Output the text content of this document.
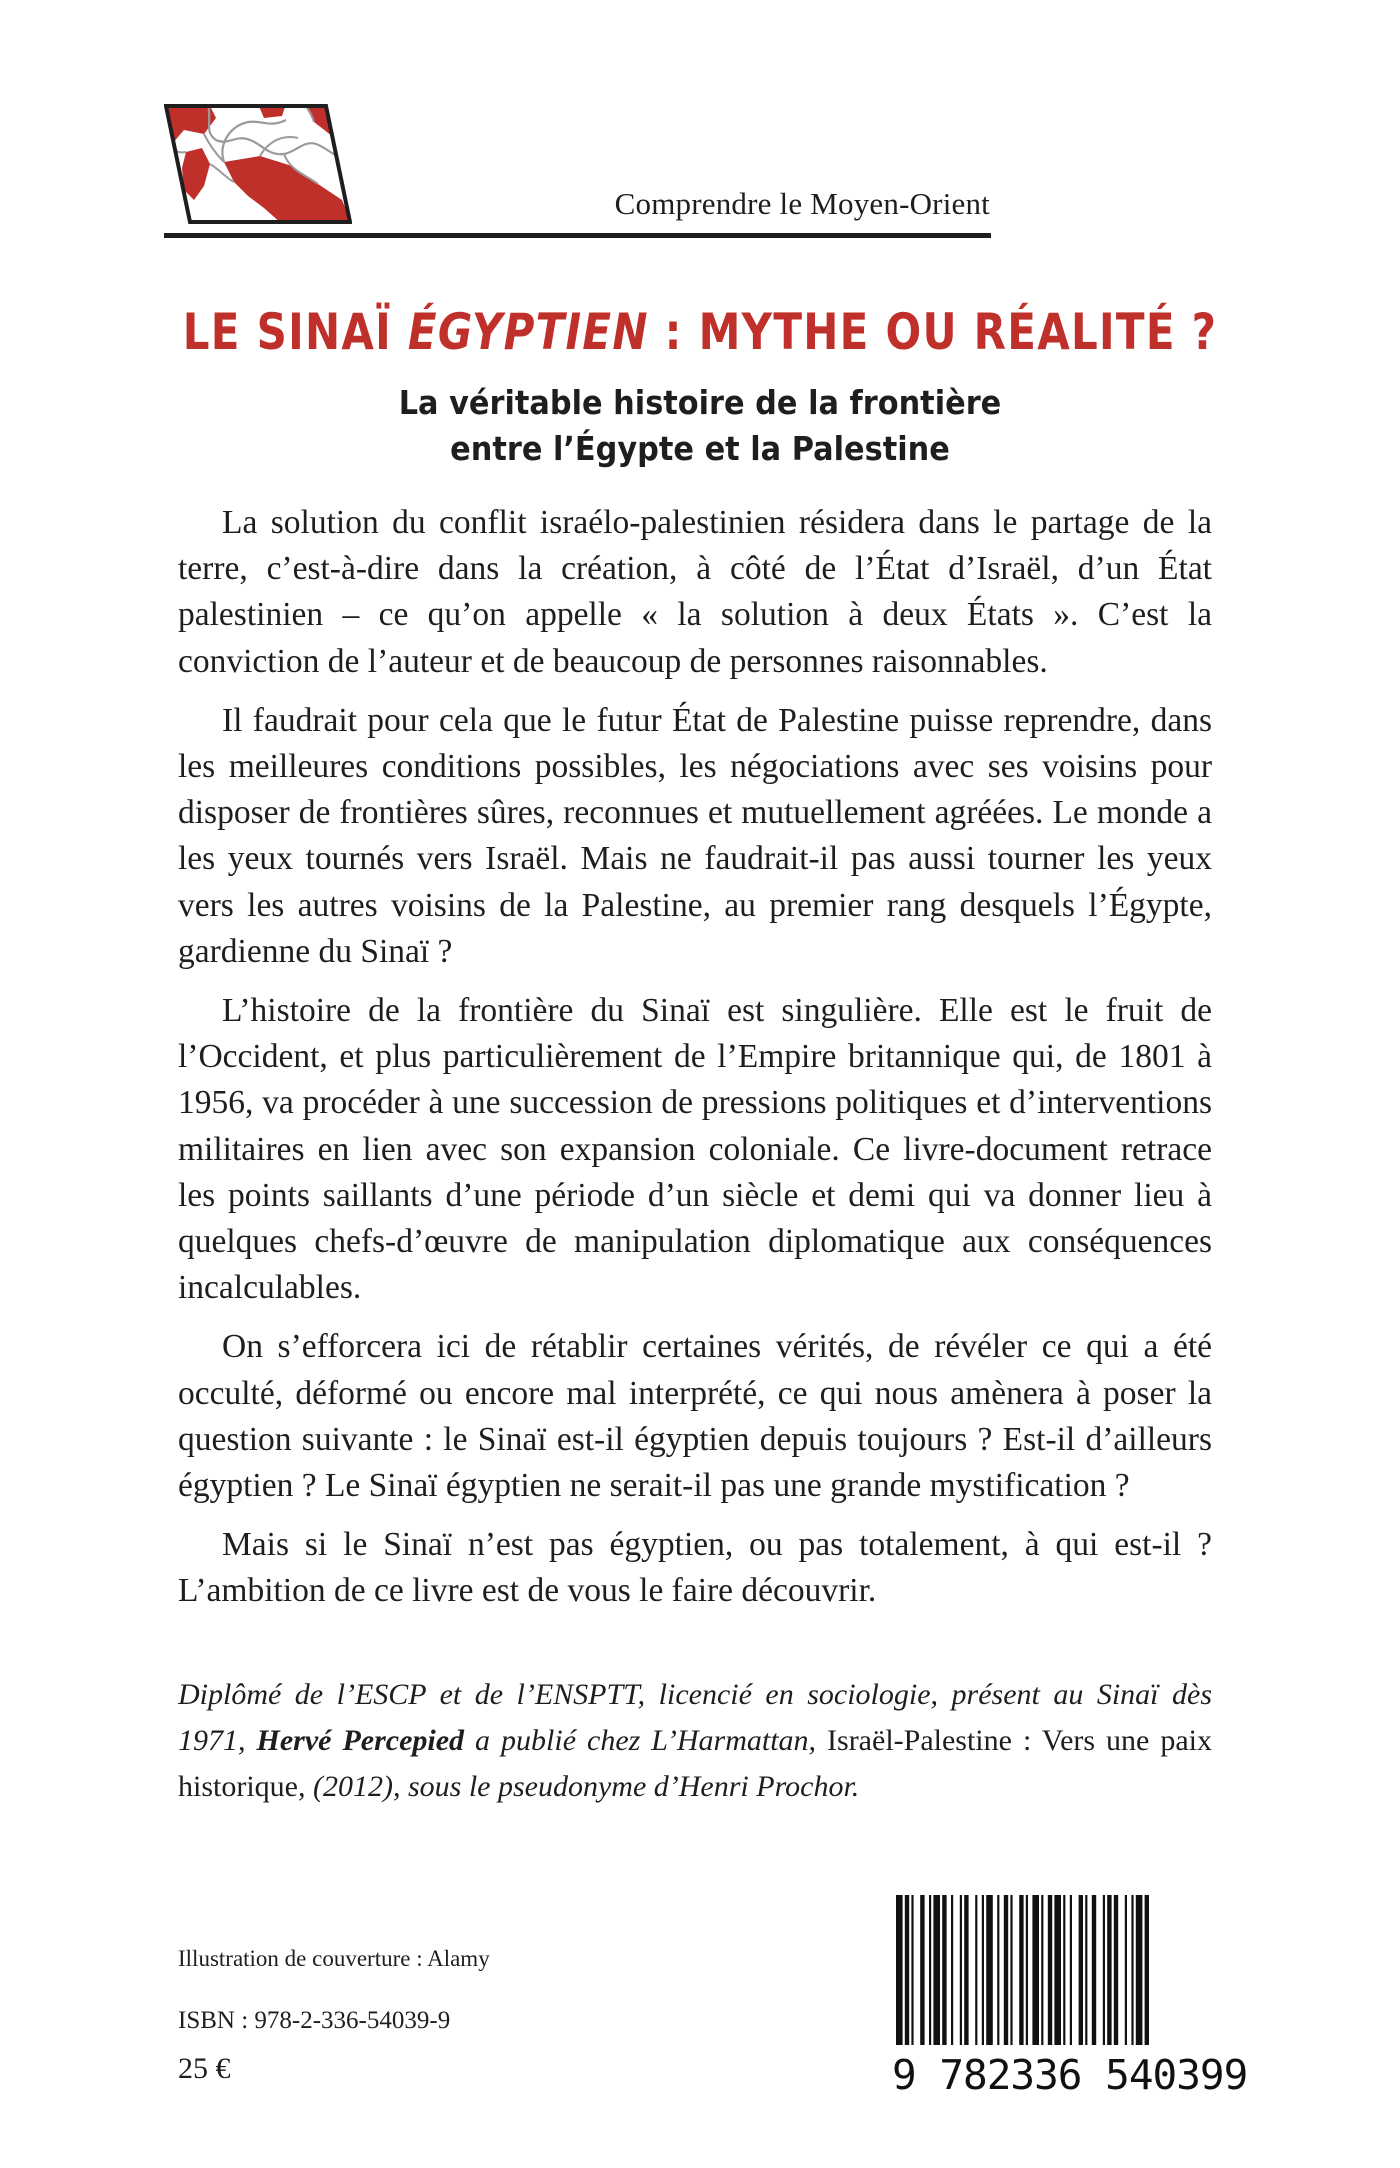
Comprendre le Moyen-Orient
LE SINAÏ ÉGYPTIEN : MYTHE OU RÉALITÉ ?
La véritable histoire de la frontière
entre l’Égypte et la Palestine

La solution du conflit israélo-palestinien résidera dans le partage de la terre, c’est-à-dire dans la création, à côté de l’État d’Israël, d’un État palestinien – ce qu’on appelle « la solution à deux États ». C’est la conviction de l’auteur et de beaucoup de personnes raisonnables.

Il faudrait pour cela que le futur État de Palestine puisse reprendre, dans les meilleures conditions possibles, les négociations avec ses voisins pour disposer de frontières sûres, reconnues et mutuellement agréées. Le monde a les yeux tournés vers Israël. Mais ne faudrait-il pas aussi tourner les yeux vers les autres voisins de la Palestine, au premier rang desquels l’Égypte, gardienne du Sinaï ?

L’histoire de la frontière du Sinaï est singulière. Elle est le fruit de l’Occident, et plus particulièrement de l’Empire britannique qui, de 1801 à 1956, va procéder à une succession de pressions politiques et d’interventions militaires en lien avec son expansion coloniale. Ce livre-document retrace les points saillants d’une période d’un siècle et demi qui va donner lieu à quelques chefs-d’œuvre de manipulation diplomatique aux conséquences incalculables.

On s’efforcera ici de rétablir certaines vérités, de révéler ce qui a été occulté, déformé ou encore mal interprété, ce qui nous amènera à poser la question suivante : le Sinaï est-il égyptien depuis toujours ? Est-il d’ailleurs égyptien ? Le Sinaï égyptien ne serait-il pas une grande mystification ?

Mais si le Sinaï n’est pas égyptien, ou pas totalement, à qui est-il ? L’ambition de ce livre est de vous le faire découvrir.

Diplômé de l’ESCP et de l’ENSPTT, licencié en sociologie, présent au Sinaï dès 1971, Hervé Percepied a publié chez L’Harmattan, Israël-Palestine : Vers une paix historique, (2012), sous le pseudonyme d’Henri Prochor.
Illustration de couverture : Alamy
ISBN : 978-2-336-54039-9
25 €	9 782336 540399
